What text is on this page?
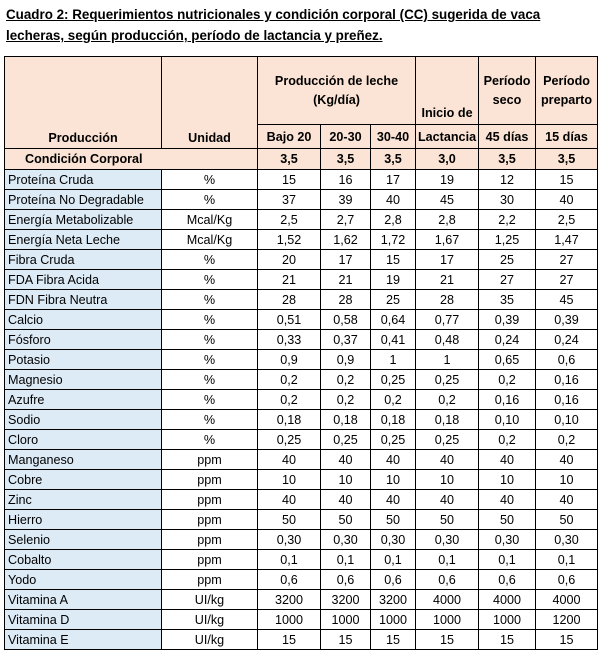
Cuadro 2: Requerimientos nutricionales y condición corporal (CC) sugerida de vaca lecheras, según producción, período de lactancia y preñez.
Producción	Unidad	Producción de leche (Kg/día)			Inicio de	Período seco	Período preparto
		Bajo 20	20-30	30-40	Lactancia	45 días	15 días
Condición Corporal		3,5	3,5	3,5	3,0	3,5	3,5
Proteína Cruda	%	15	16	17	19	12	15
Proteína No Degradable	%	37	39	40	45	30	40
Energía Metabolizable	Mcal/Kg	2,5	2,7	2,8	2,8	2,2	2,5
Energía Neta Leche	Mcal/Kg	1,52	1,62	1,72	1,67	1,25	1,47
Fibra Cruda	%	20	17	15	17	25	27
FDA Fibra Acida	%	21	21	19	21	27	27
FDN Fibra Neutra	%	28	28	25	28	35	45
Calcio	%	0,51	0,58	0,64	0,77	0,39	0,39
Fósforo	%	0,33	0,37	0,41	0,48	0,24	0,24
Potasio	%	0,9	0,9	1	1	0,65	0,6
Magnesio	%	0,2	0,2	0,25	0,25	0,2	0,16
Azufre	%	0,2	0,2	0,2	0,2	0,16	0,16
Sodio	%	0,18	0,18	0,18	0,18	0,10	0,10
Cloro	%	0,25	0,25	0,25	0,25	0,2	0,2
Manganeso	ppm	40	40	40	40	40	40
Cobre	ppm	10	10	10	10	10	10
Zinc	ppm	40	40	40	40	40	40
Hierro	ppm	50	50	50	50	50	50
Selenio	ppm	0,30	0,30	0,30	0,30	0,30	0,30
Cobalto	ppm	0,1	0,1	0,1	0,1	0,1	0,1
Yodo	ppm	0,6	0,6	0,6	0,6	0,6	0,6
Vitamina A	UI/kg	3200	3200	3200	4000	4000	4000
Vitamina D	UI/kg	1000	1000	1000	1000	1000	1200
Vitamina E	UI/kg	15	15	15	15	15	15
